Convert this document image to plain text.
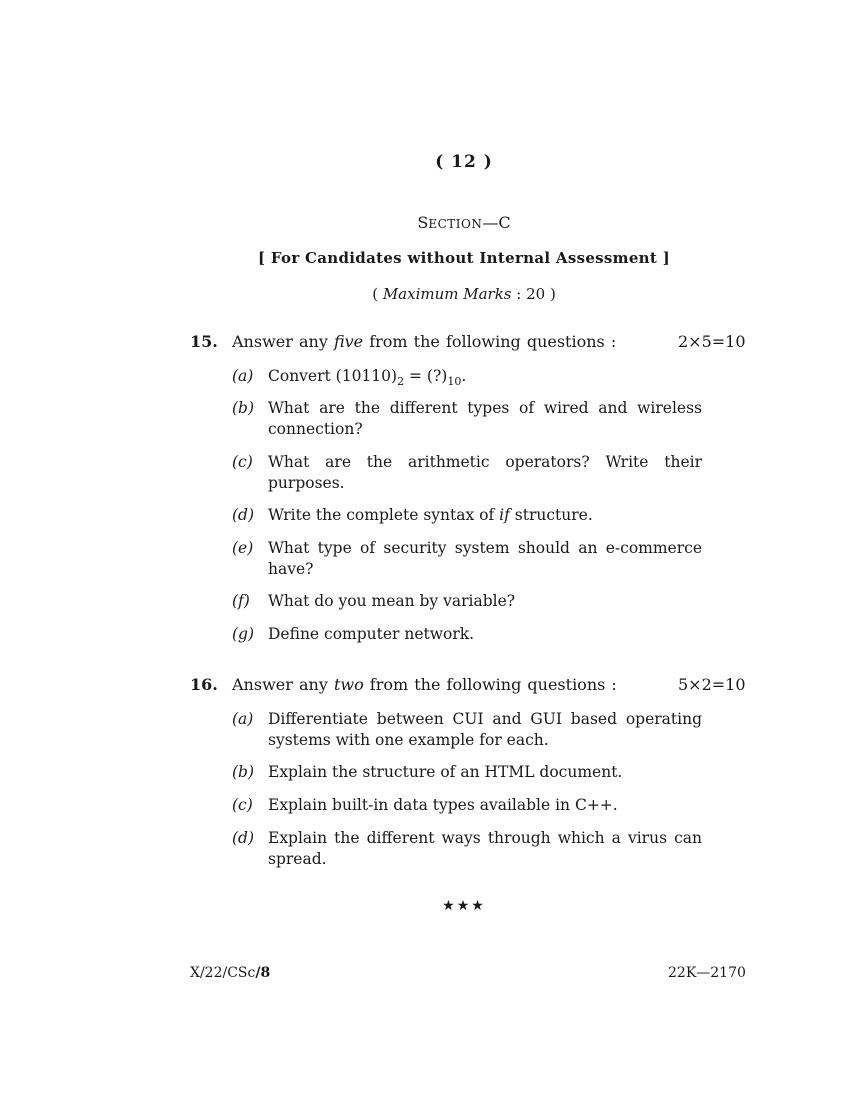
( 12 )
SECTION—C
[ For Candidates without Internal Assessment ]
( Maximum Marks : 20 )
15. Answer any five from the following questions :	2×5=10
(a) Convert $(10110)_2$ = $(?)_{10}$.
(b) What are the different types of wired and wireless connection?
(c) What are the arithmetic operators? Write their purposes.
(d) Write the complete syntax of if structure.
(e) What type of security system should an e-commerce have?
(f)	What do you mean by variable?
(g) Define computer network.
16. Answer any two from the following questions :	5×2=10
(a) Differentiate between CUI and GUI based operating systems with one example for each.
(b) Explain the structure of an HTML document.
(c) Explain built-in data types available in C++.
(d) Explain the different ways through which a virus can spread.
★★★
X/22/CSc/8	22K—2170
